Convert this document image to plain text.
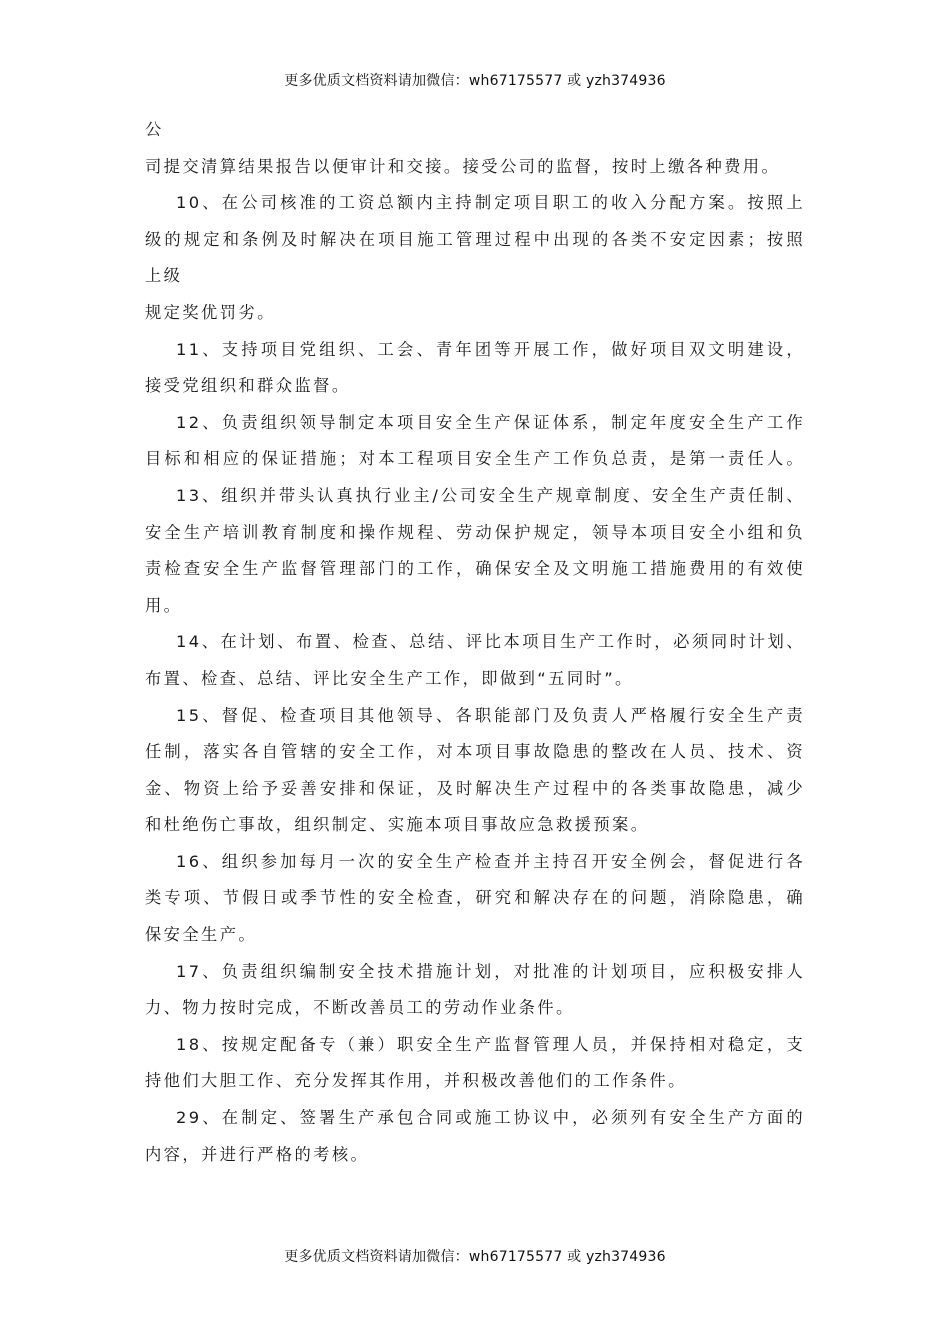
更多优质文档资料请加微信：wh67175577 或 yzh374936
公
司提交清算结果报告以便审计和交接。接受公司的监督，按时上缴各种费用。
10、在公司核准的工资总额内主持制定项目职工的收入分配方案。按照上
级的规定和条例及时解决在项目施工管理过程中出现的各类不安定因素；按照
上级
规定奖优罚劣。
11、支持项目党组织、工会、青年团等开展工作，做好项目双文明建设，
接受党组织和群众监督。
12、负责组织领导制定本项目安全生产保证体系，制定年度安全生产工作
目标和相应的保证措施；对本工程项目安全生产工作负总责，是第一责任人。
13、组织并带头认真执行业主/公司安全生产规章制度、安全生产责任制、
安全生产培训教育制度和操作规程、劳动保护规定，领导本项目安全小组和负
责检查安全生产监督管理部门的工作，确保安全及文明施工措施费用的有效使
用。
14、在计划、布置、检查、总结、评比本项目生产工作时，必须同时计划、
布置、检查、总结、评比安全生产工作，即做到“五同时”。
15、督促、检查项目其他领导、各职能部门及负责人严格履行安全生产责
任制，落实各自管辖的安全工作，对本项目事故隐患的整改在人员、技术、资
金、物资上给予妥善安排和保证，及时解决生产过程中的各类事故隐患，减少
和杜绝伤亡事故，组织制定、实施本项目事故应急救援预案。
16、组织参加每月一次的安全生产检查并主持召开安全例会，督促进行各
类专项、节假日或季节性的安全检查，研究和解决存在的问题，消除隐患，确
保安全生产。
17、负责组织编制安全技术措施计划，对批准的计划项目，应积极安排人
力、物力按时完成，不断改善员工的劳动作业条件。
18、按规定配备专（兼）职安全生产监督管理人员，并保持相对稳定，支
持他们大胆工作、充分发挥其作用，并积极改善他们的工作条件。
29、在制定、签署生产承包合同或施工协议中，必须列有安全生产方面的
内容，并进行严格的考核。
更多优质文档资料请加微信：wh67175577 或 yzh374936
